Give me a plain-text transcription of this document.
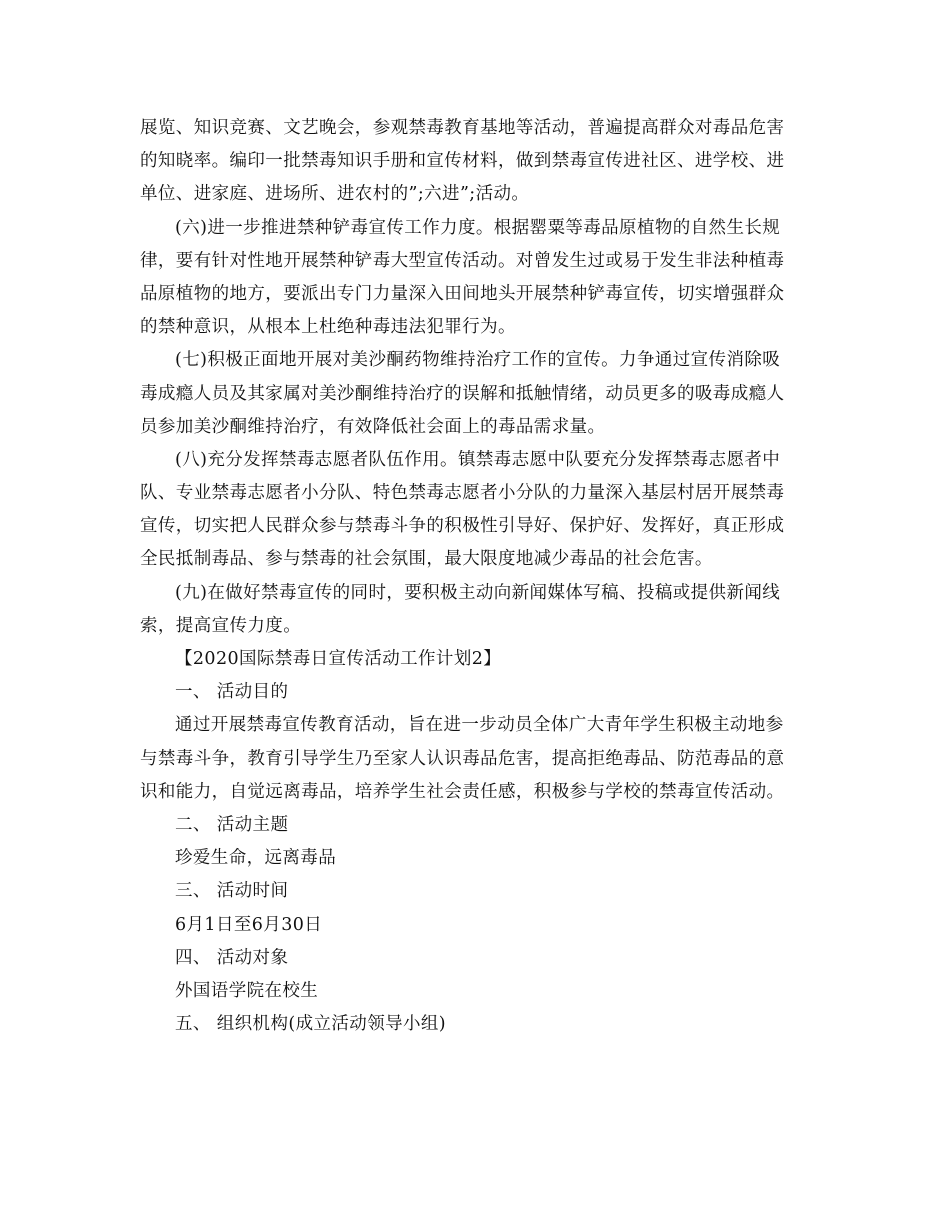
展览、知识竞赛、文艺晚会，参观禁毒教育基地等活动，普遍提高群众对毒品危害
的知晓率。编印一批禁毒知识手册和宣传材料，做到禁毒宣传进社区、进学校、进
单位、进家庭、进场所、进农村的”;六进”;活动。
(六)进一步推进禁种铲毒宣传工作力度。根据罂粟等毒品原植物的自然生长规
律，要有针对性地开展禁种铲毒大型宣传活动。对曾发生过或易于发生非法种植毒
品原植物的地方，要派出专门力量深入田间地头开展禁种铲毒宣传，切实增强群众
的禁种意识，从根本上杜绝种毒违法犯罪行为。
(七)积极正面地开展对美沙酮药物维持治疗工作的宣传。力争通过宣传消除吸
毒成瘾人员及其家属对美沙酮维持治疗的误解和抵触情绪，动员更多的吸毒成瘾人
员参加美沙酮维持治疗，有效降低社会面上的毒品需求量。
(八)充分发挥禁毒志愿者队伍作用。镇禁毒志愿中队要充分发挥禁毒志愿者中
队、专业禁毒志愿者小分队、特色禁毒志愿者小分队的力量深入基层村居开展禁毒
宣传，切实把人民群众参与禁毒斗争的积极性引导好、保护好、发挥好，真正形成
全民抵制毒品、参与禁毒的社会氛围，最大限度地减少毒品的社会危害。
(九)在做好禁毒宣传的同时，要积极主动向新闻媒体写稿、投稿或提供新闻线
索，提高宣传力度。
【2020国际禁毒日宣传活动工作计划2】
一、 活动目的
通过开展禁毒宣传教育活动，旨在进一步动员全体广大青年学生积极主动地参
与禁毒斗争，教育引导学生乃至家人认识毒品危害，提高拒绝毒品、防范毒品的意
识和能力，自觉远离毒品，培养学生社会责任感，积极参与学校的禁毒宣传活动。
二、 活动主题
珍爱生命，远离毒品
三、 活动时间
6月1日至6月30日
四、 活动对象
外国语学院在校生
五、 组织机构(成立活动领导小组)
